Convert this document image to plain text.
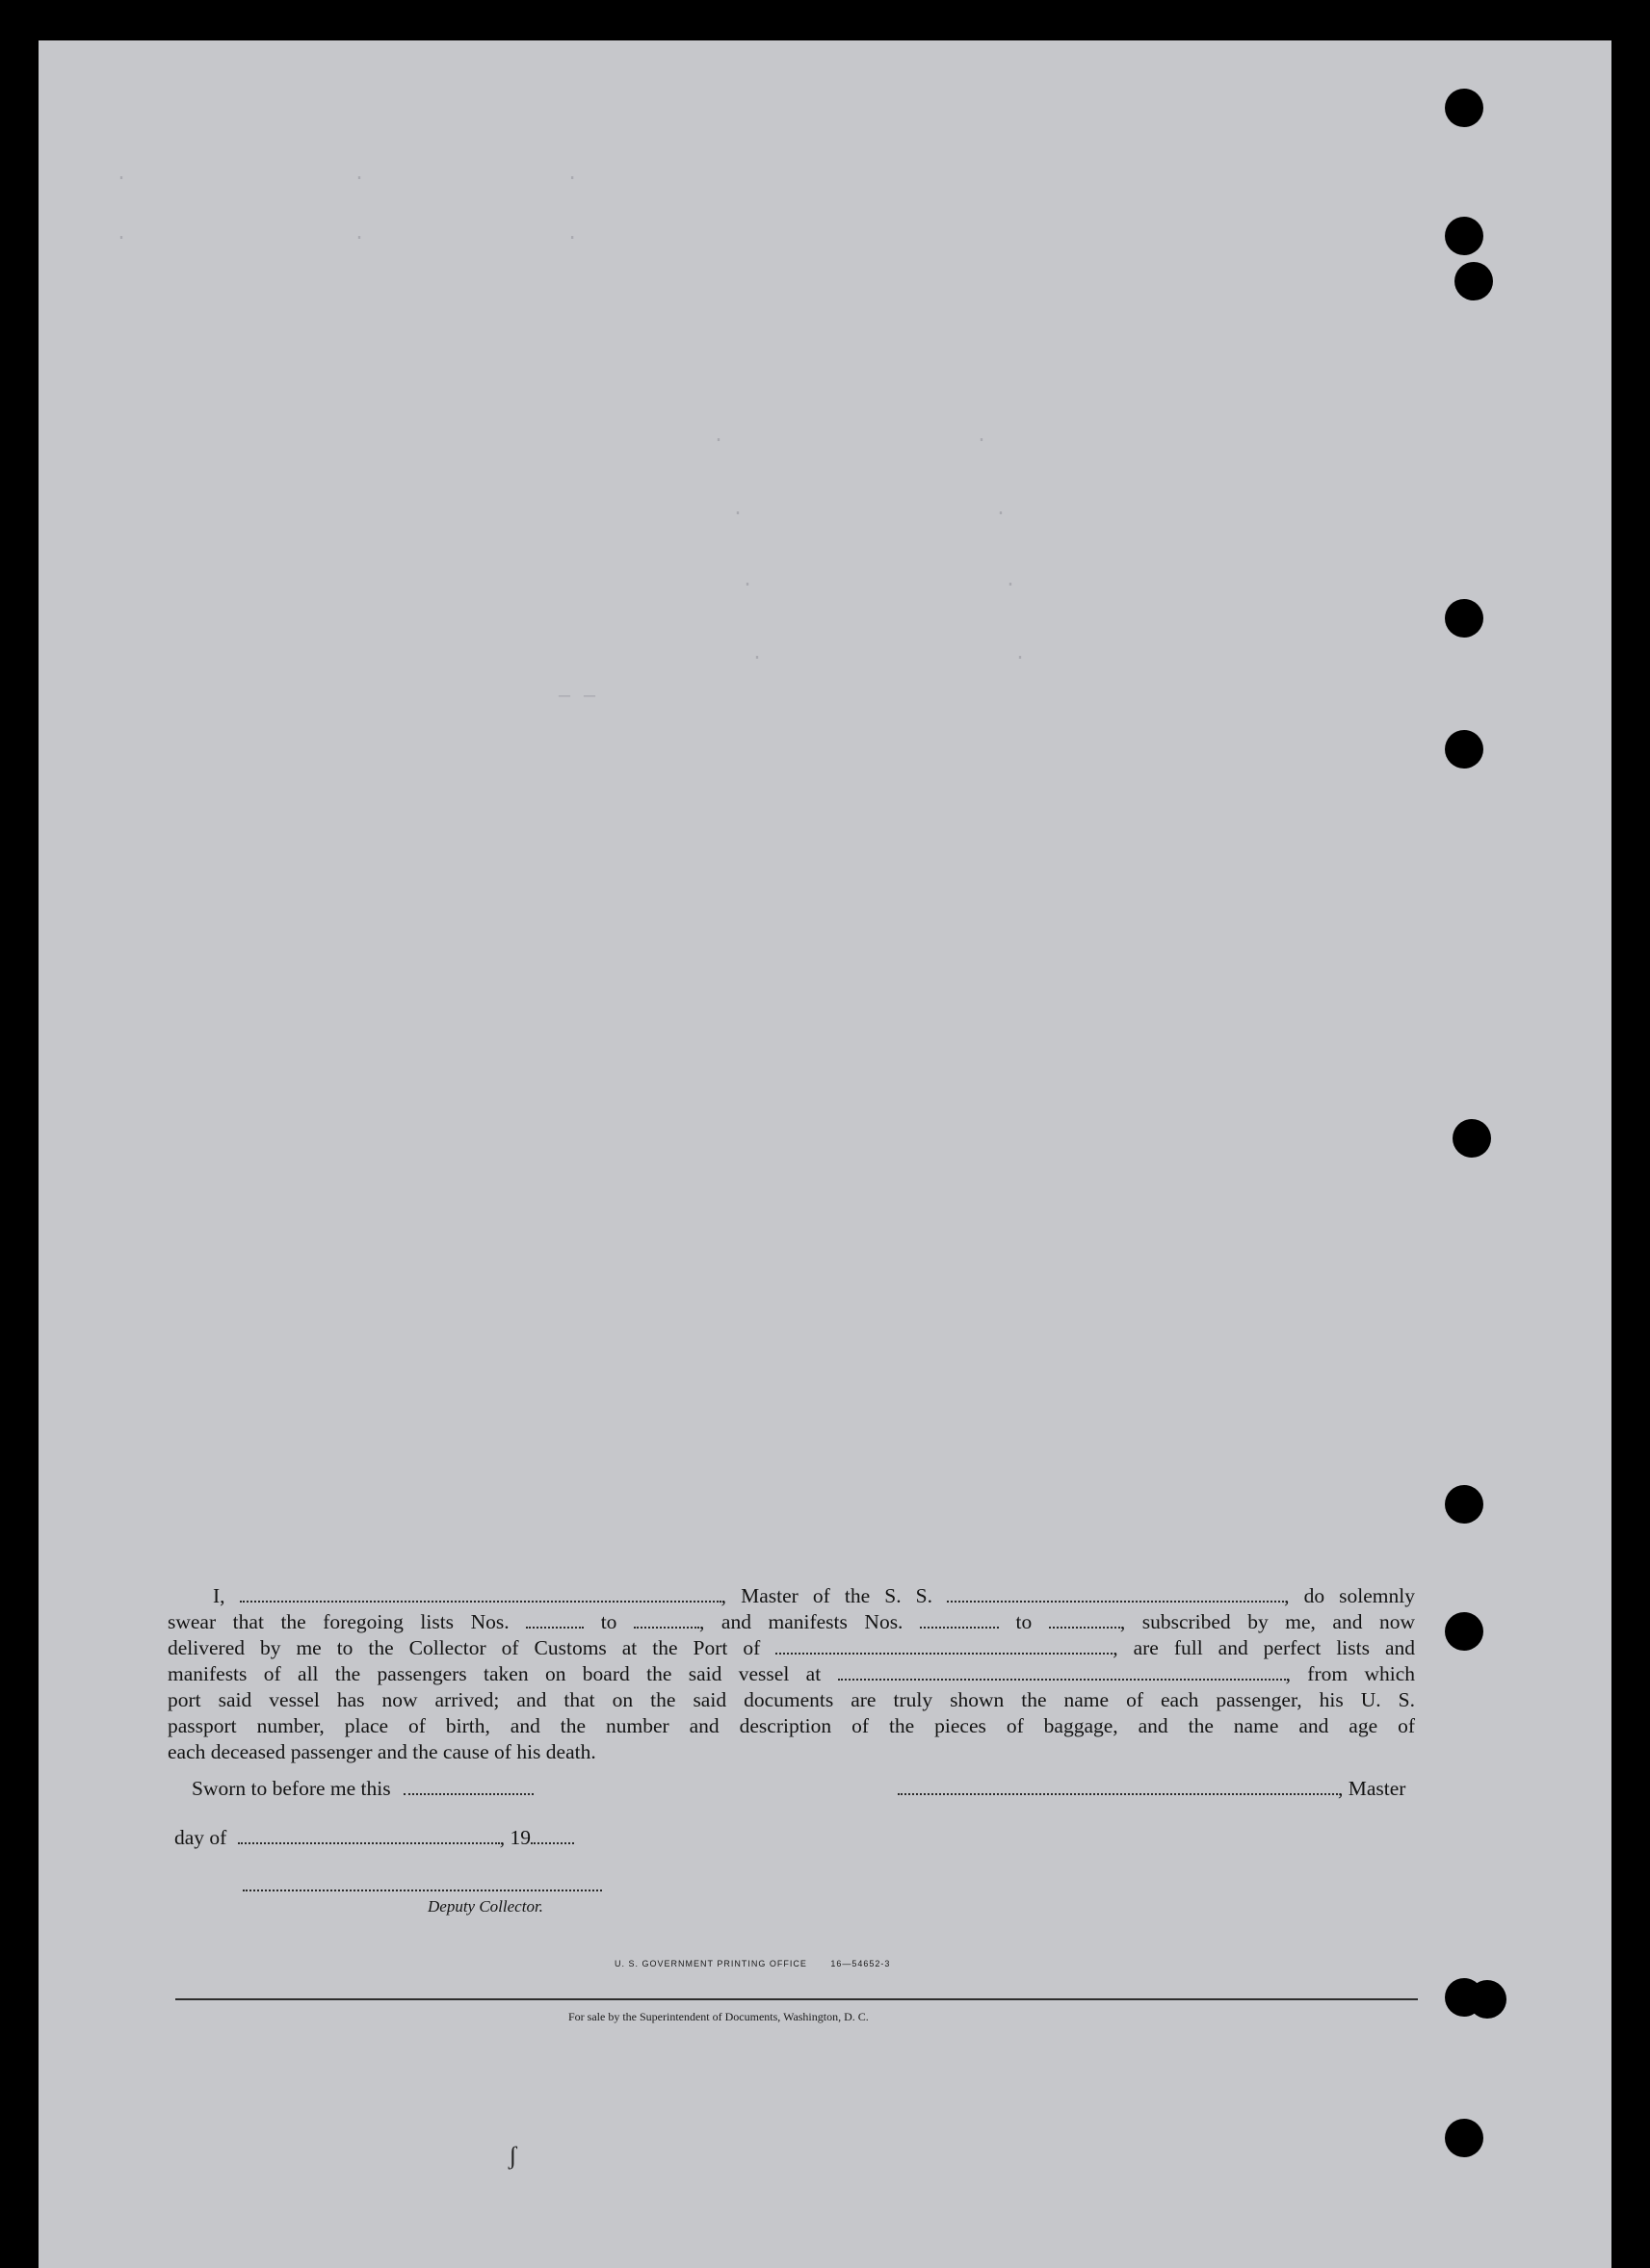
.                  .                .
.                  .                .
.                    .
.                    .
.                    .
.                    .
— —
I,	, Master of the S. S.	, do solemnly
swear that the foregoing lists Nos.	to	, and manifests Nos.	to	, subscribed by me, and now
delivered by me to the Collector of Customs at the Port of	, are full and perfect lists and
manifests of all the passengers taken on board the said vessel at	, from which
port said vessel has now arrived; and that on the said documents are truly shown the name of each passenger, his U. S.
passport number, place of birth, and the number and description of the pieces of baggage, and the name and age of
each deceased passenger and the cause of his death.
Sworn to before me this	, Master
day of	, 19
Deputy Collector.
U. S. GOVERNMENT PRINTING OFFICE	16—54652-3
For sale by the Superintendent of Documents, Washington, D. C.
ʃ
